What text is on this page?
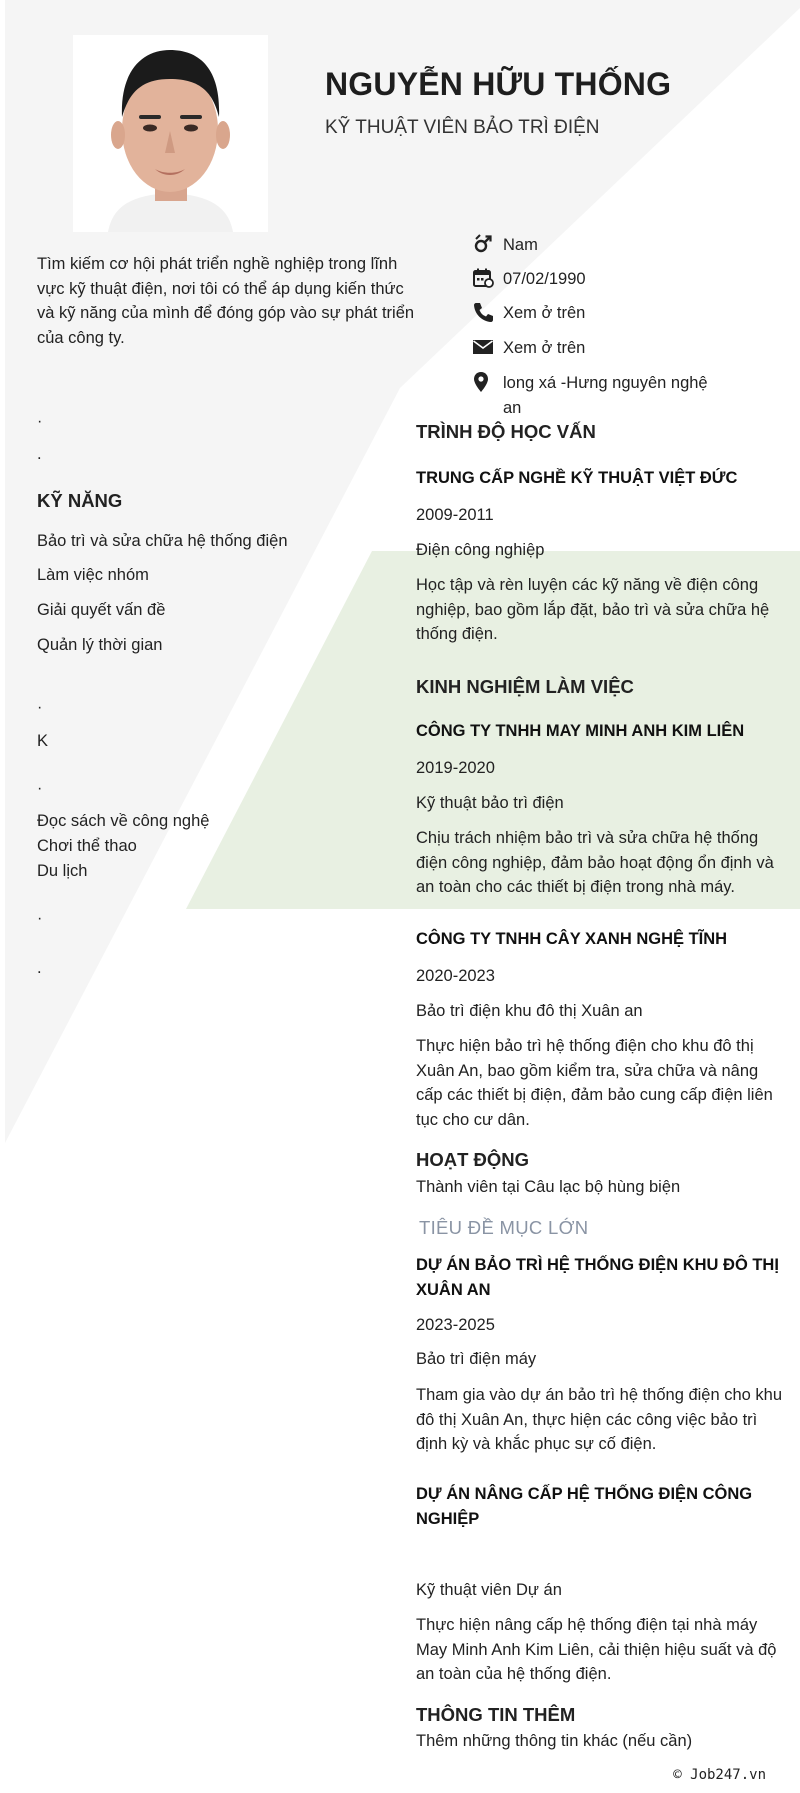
NGUYỄN HỮU THỐNG
KỸ THUẬT VIÊN BẢO TRÌ ĐIỆN
Tìm kiếm cơ hội phát triển nghề nghiệp trong lĩnh vực kỹ thuật điện, nơi tôi có thể áp dụng kiến thức và kỹ năng của mình để đóng góp vào sự phát triển của công ty.
Nam
07/02/1990
Xem ở trên
Xem ở trên
long xá -Hưng nguyên nghệ an
·
.
KỸ NĂNG
Bảo trì và sửa chữa hệ thống điện
Làm việc nhóm
Giải quyết vấn đề
Quản lý thời gian
·
K
·
Đọc sách về công nghệ
Chơi thể thao
Du lịch
·
.
TRÌNH ĐỘ HỌC VẤN
TRUNG CẤP NGHỀ KỸ THUẬT VIỆT ĐỨC
2009-2011
Điện công nghiệp
Học tập và rèn luyện các kỹ năng về điện công nghiệp, bao gồm lắp đặt, bảo trì và sửa chữa hệ thống điện.
KINH NGHIỆM LÀM VIỆC
CÔNG TY TNHH MAY MINH ANH KIM LIÊN
2019-2020
Kỹ thuật bảo trì điện
Chịu trách nhiệm bảo trì và sửa chữa hệ thống điện công nghiệp, đảm bảo hoạt động ổn định và an toàn cho các thiết bị điện trong nhà máy.
CÔNG TY TNHH CÂY XANH NGHỆ TĨNH
2020-2023
Bảo trì điện khu đô thị Xuân an
Thực hiện bảo trì hệ thống điện cho khu đô thị Xuân An, bao gồm kiểm tra, sửa chữa và nâng cấp các thiết bị điện, đảm bảo cung cấp điện liên tục cho cư dân.
HOẠT ĐỘNG
Thành viên tại Câu lạc bộ hùng biện
TIÊU ĐỀ MỤC LỚN
DỰ ÁN BẢO TRÌ HỆ THỐNG ĐIỆN KHU ĐÔ THỊ XUÂN AN
2023-2025
Bảo trì điện máy
Tham gia vào dự án bảo trì hệ thống điện cho khu đô thị Xuân An, thực hiện các công việc bảo trì định kỳ và khắc phục sự cố điện.
DỰ ÁN NÂNG CẤP HỆ THỐNG ĐIỆN CÔNG NGHIỆP
Kỹ thuật viên Dự án
Thực hiện nâng cấp hệ thống điện tại nhà máy May Minh Anh Kim Liên, cải thiện hiệu suất và độ an toàn của hệ thống điện.
THÔNG TIN THÊM
Thêm những thông tin khác (nếu cần)
© Job247.vn
